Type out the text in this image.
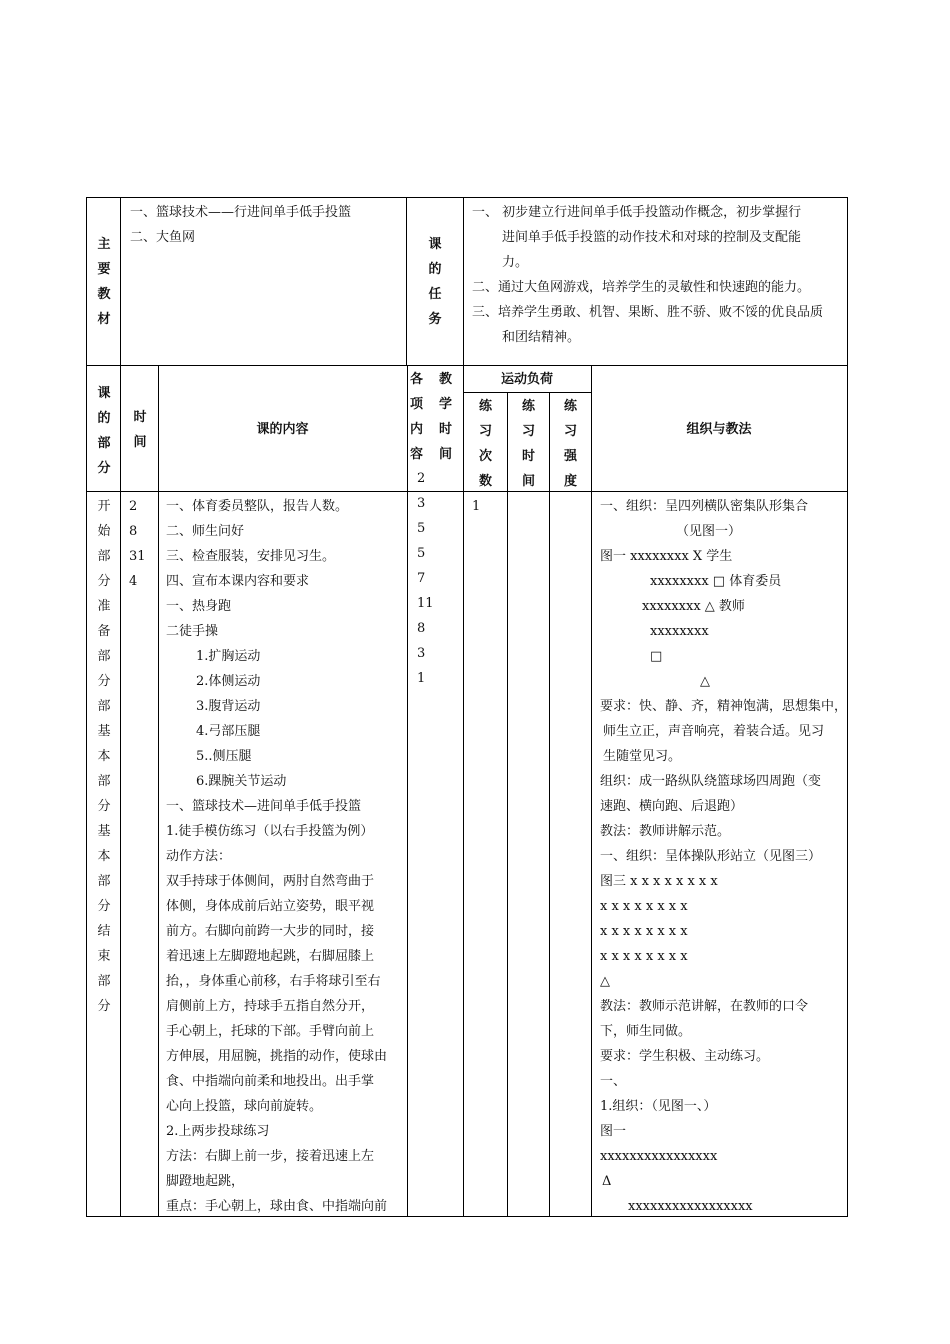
主
要
教
材
一、篮球技术——行进间单手低手投篮
二、大鱼网	课
的
任
务
一、 初步建立行进间单手低手投篮动作概念，初步掌握行
进间单手低手投篮的动作技术和对球的控制及支配能
力。
二、通过大鱼网游戏，培养学生的灵敏性和快速跑的能力。
三、培养学生勇敢、机智、果断、胜不骄、败不馁的优良品质
和团结精神。
课
的
部
分
时
间
课的内容
各 教
项 学
内 时
容 间
运动负荷
练
习
次
数
练
习
时
间
练
习
强
度
组织与教法
2
3
5
5
7
11
8
3
1
开
始
部
分
准
备
部
分
部
基
本
部
分
基
本
部
分
结
束
部
分
2
8
31
4
一、体育委员整队，报告人数。
二、师生问好
三、检查服装，安排见习生。
四、宣布本课内容和要求
一、热身跑
二徒手操
1.扩胸运动
2.体侧运动
3.腹背运动
4.弓部压腿
5..侧压腿
6.踝腕关节运动
一、篮球技术—进间单手低手投篮
1.徒手模仿练习（以右手投篮为例）
动作方法：
双手持球于体侧间，两肘自然弯曲于
体侧，身体成前后站立姿势，眼平视
前方。右脚向前跨一大步的同时，接
着迅速上左脚蹬地起跳，右脚屈膝上
抬，，身体重心前移，右手将球引至右
肩侧前上方，持球手五指自然分开，
手心朝上，托球的下部。手臂向前上
方伸展，用屈腕，挑指的动作，使球由
食、中指端向前柔和地投出。出手掌
心向上投篮，球向前旋转。
2.上两步投球练习
方法：右脚上前一步，接着迅速上左
脚蹬地起跳，
重点：手心朝上，球由食、中指端向前
1	一、组织：呈四列横队密集队形集合
（见图一）
图一 xxxxxxxx X 学生
xxxxxxxx □ 体育委员
xxxxxxxx △ 教师
xxxxxxxx
□
△
要求：快、静、齐，精神饱满，思想集中，
师生立正，声音响亮，着装合适。见习
生随堂见习。
组织：成一路纵队绕篮球场四周跑（变
速跑、横向跑、后退跑）
教法：教师讲解示范。
一、组织：呈体操队形站立（见图三）
图三 x x x x x x x x
x x x x x x x x
x x x x x x x x
x x x x x x x x
△
教法：教师示范讲解，在教师的口令
下，师生同做。
要求：学生积极、主动练习。
一、
1.组织：（见图一、）
图一
xxxxxxxxxxxxxxxx
Δ
xxxxxxxxxxxxxxxxx
